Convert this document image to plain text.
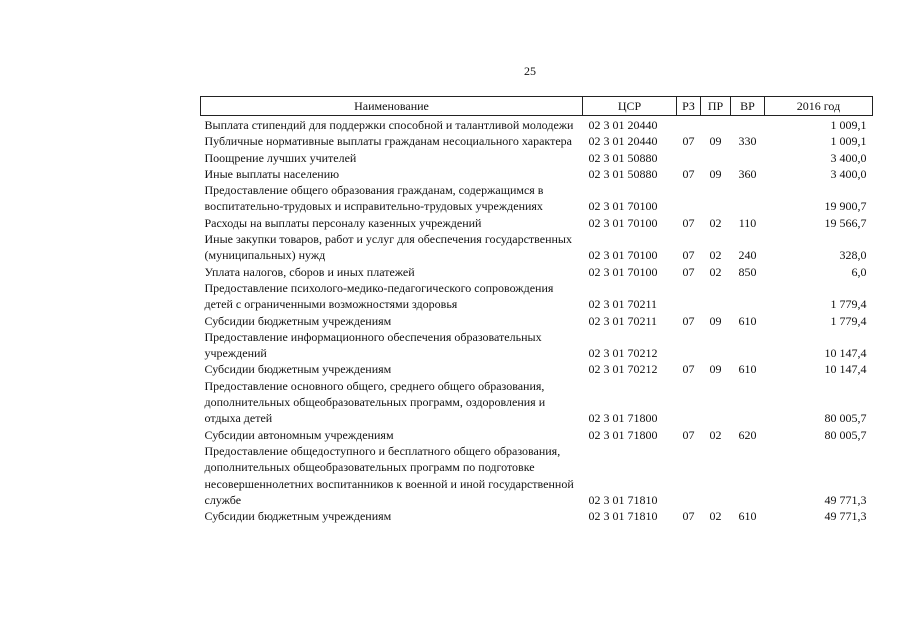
25
Наименование	ЦСР	РЗ	ПР	ВР	2016 год
Выплата стипендий для поддержки способной и талантливой молодежи	02 3 01 20440				1 009,1
Публичные нормативные выплаты гражданам несоциального характера	02 3 01 20440	07	09	330	1 009,1
Поощрение лучших учителей	02 3 01 50880				3 400,0
Иные выплаты населению	02 3 01 50880	07	09	360	3 400,0
Предоставление общего образования гражданам, содержащимся в воспитательно-трудовых и исправительно-трудовых учреждениях	02 3 01 70100				19 900,7
Расходы на выплаты персоналу казенных учреждений	02 3 01 70100	07	02	110	19 566,7
Иные закупки товаров, работ и услуг для обеспечения государственных (муниципальных) нужд	02 3 01 70100	07	02	240	328,0
Уплата налогов, сборов и иных платежей	02 3 01 70100	07	02	850	6,0
Предоставление психолого-медико-педагогического сопровождения детей с ограниченными возможностями здоровья	02 3 01 70211				1 779,4
Субсидии бюджетным учреждениям	02 3 01 70211	07	09	610	1 779,4
Предоставление информационного обеспечения образовательных учреждений	02 3 01 70212				10 147,4
Субсидии бюджетным учреждениям	02 3 01 70212	07	09	610	10 147,4
Предоставление основного общего, среднего общего образования, дополнительных общеобразовательных программ, оздоровления и отдыха детей	02 3 01 71800				80 005,7
Субсидии автономным учреждениям	02 3 01 71800	07	02	620	80 005,7
Предоставление общедоступного и бесплатного общего образования, дополнительных общеобразовательных программ по подготовке несовершеннолетних воспитанников к военной и иной государственной службе	02 3 01 71810				49 771,3
Субсидии бюджетным учреждениям	02 3 01 71810	07	02	610	49 771,3
